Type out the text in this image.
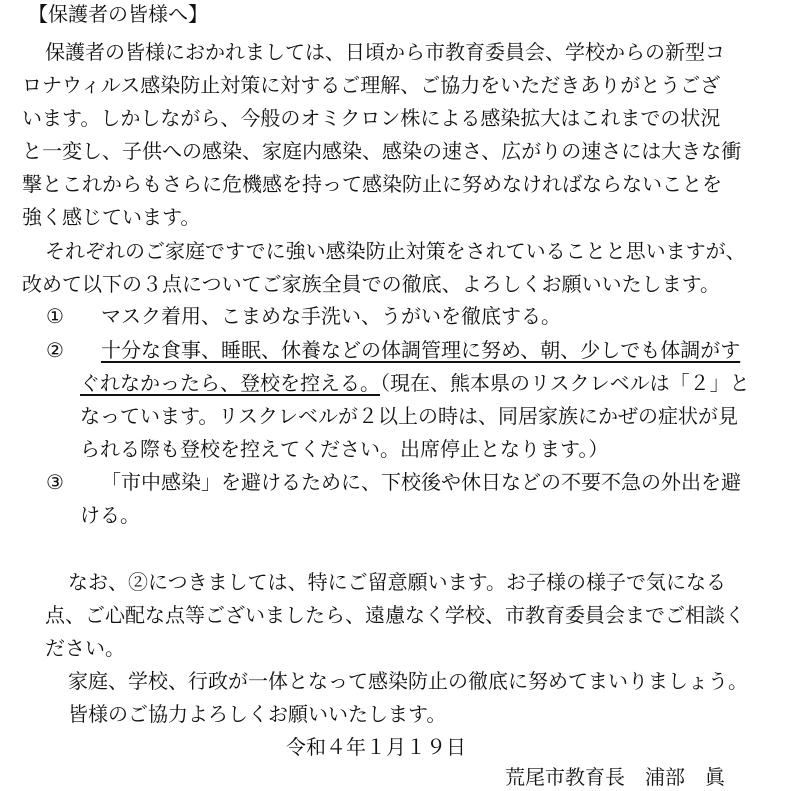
【保護者の皆様へ】
保護者の皆様におかれましては、日頃から市教育委員会、学校からの新型コ
ロナウィルス感染防止対策に対するご理解、ご協力をいただきありがとうござ
います。しかしながら、今般のオミクロン株による感染拡大はこれまでの状況
と一変し、子供への感染、家庭内感染、感染の速さ、広がりの速さには大きな衝
撃とこれからもさらに危機感を持って感染防止に努めなければならないことを
強く感じています。
それぞれのご家庭ですでに強い感染防止対策をされていることと思いますが、
改めて以下の３点についてご家族全員での徹底、よろしくお願いいたします。
① マスク着用、こまめな手洗い、うがいを徹底する。
② 十分な食事、睡眠、休養などの体調管理に努め、朝、少しでも体調がす
ぐれなかったら、登校を控える。（現在、熊本県のリスクレベルは「２」と
なっています。リスクレベルが２以上の時は、同居家族にかぜの症状が見
られる際も登校を控えてください。出席停止となります。）
③ 「市中感染」を避けるために、下校後や休日などの不要不急の外出を避
ける。
なお、②につきましては、特にご留意願います。お子様の様子で気になる
点、ご心配な点等ございましたら、遠慮なく学校、市教育委員会までご相談く
ださい。
家庭、学校、行政が一体となって感染防止の徹底に努めてまいりましょう。
皆様のご協力よろしくお願いいたします。
令和４年１月１９日
荒尾市教育長　浦部　眞
